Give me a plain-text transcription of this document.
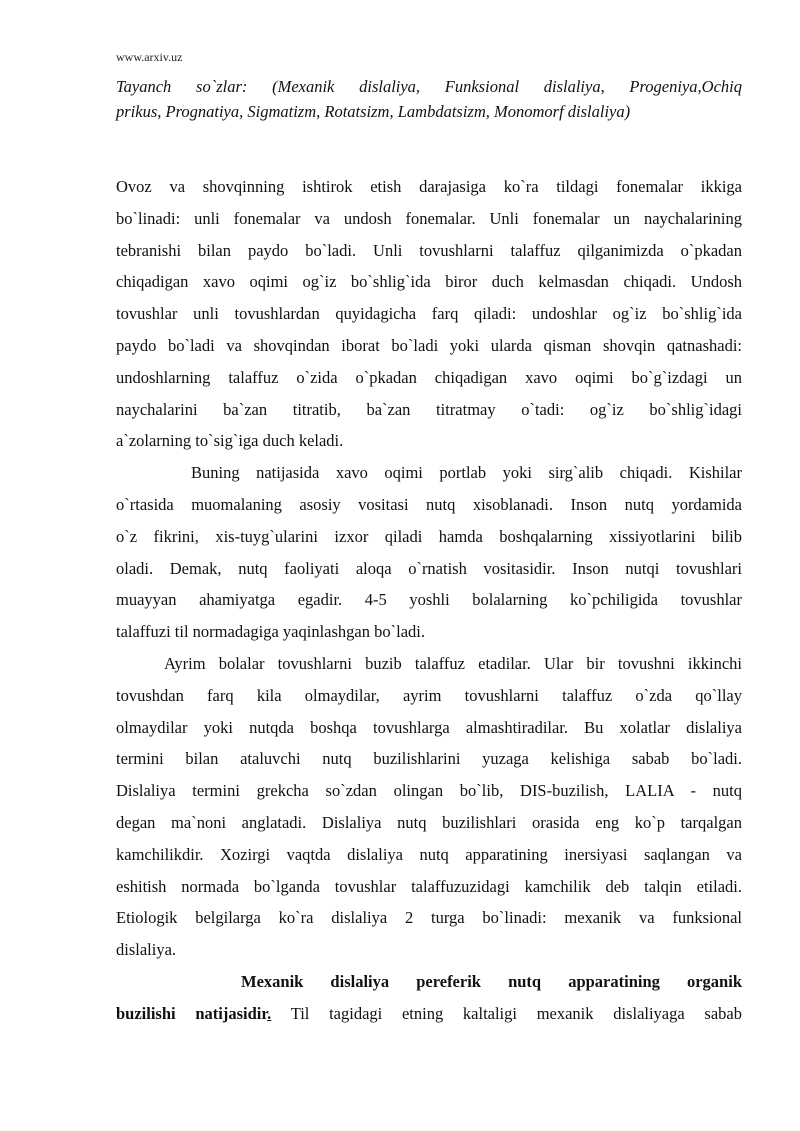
www.arxiv.uz
Tayanch so`zlar: (Mexanik dislaliya, Funksional dislaliya, Progeniya,Ochiq
prikus, Prognatiya, Sigmatizm, Rotatsizm, Lambdatsizm, Monomorf dislaliya)
Ovoz va shovqinning ishtirok etish darajasiga ko`ra tildagi fonemalar ikkiga
bo`linadi: unli fonemalar va undosh fonemalar. Unli fonemalar un naychalarining
tebranishi bilan paydo bo`ladi. Unli tovushlarni talaffuz qilganimizda o`pkadan
chiqadigan xavo oqimi og`iz bo`shlig`ida biror duch kelmasdan chiqadi. Undosh
tovushlar unli tovushlardan quyidagicha farq qiladi: undoshlar og`iz bo`shlig`ida
paydo bo`ladi va shovqindan iborat bo`ladi yoki ularda qisman shovqin qatnashadi:
undoshlarning talaffuz o`zida o`pkadan chiqadigan xavo oqimi bo`g`izdagi un
naychalarini ba`zan titratib, ba`zan titratmay o`tadi: og`iz bo`shlig`idagi
a`zolarning to`sig`iga duch keladi.
Buning natijasida xavo oqimi portlab yoki sirg`alib chiqadi. Kishilar
o`rtasida muomalaning asosiy vositasi nutq xisoblanadi. Inson nutq yordamida
o`z fikrini, xis-tuyg`ularini izxor qiladi hamda boshqalarning xissiyotlarini bilib
oladi. Demak, nutq faoliyati aloqa o`rnatish vositasidir. Inson nutqi tovushlari
muayyan ahamiyatga egadir. 4-5 yoshli bolalarning ko`pchiligida tovushlar
talaffuzi til normadagiga yaqinlashgan bo`ladi.
Ayrim bolalar tovushlarni buzib talaffuz etadilar. Ular bir tovushni ikkinchi
tovushdan farq kila olmaydilar, ayrim tovushlarni talaffuz o`zda qo`llay
olmaydilar yoki nutqda boshqa tovushlarga almashtiradilar. Bu xolatlar dislaliya
termini bilan ataluvchi nutq buzilishlarini yuzaga kelishiga sabab bo`ladi.
Dislaliya termini grekcha so`zdan olingan bo`lib, DIS-buzilish, LALIA - nutq
degan ma`noni anglatadi. Dislaliya nutq buzilishlari orasida eng ko`p tarqalgan
kamchilikdir. Xozirgi vaqtda dislaliya nutq apparatining inersiyasi saqlangan va
eshitish normada bo`lganda tovushlar talaffuzuzidagi kamchilik deb talqin etiladi.
Etiologik belgilarga ko`ra dislaliya 2 turga bo`linadi: mexanik va funksional
dislaliya.
Mexanik dislaliya pereferik nutq apparatining organik
buzilishi natijasidir. Til tagidagi etning kaltaligi mexanik dislaliyaga sabab
